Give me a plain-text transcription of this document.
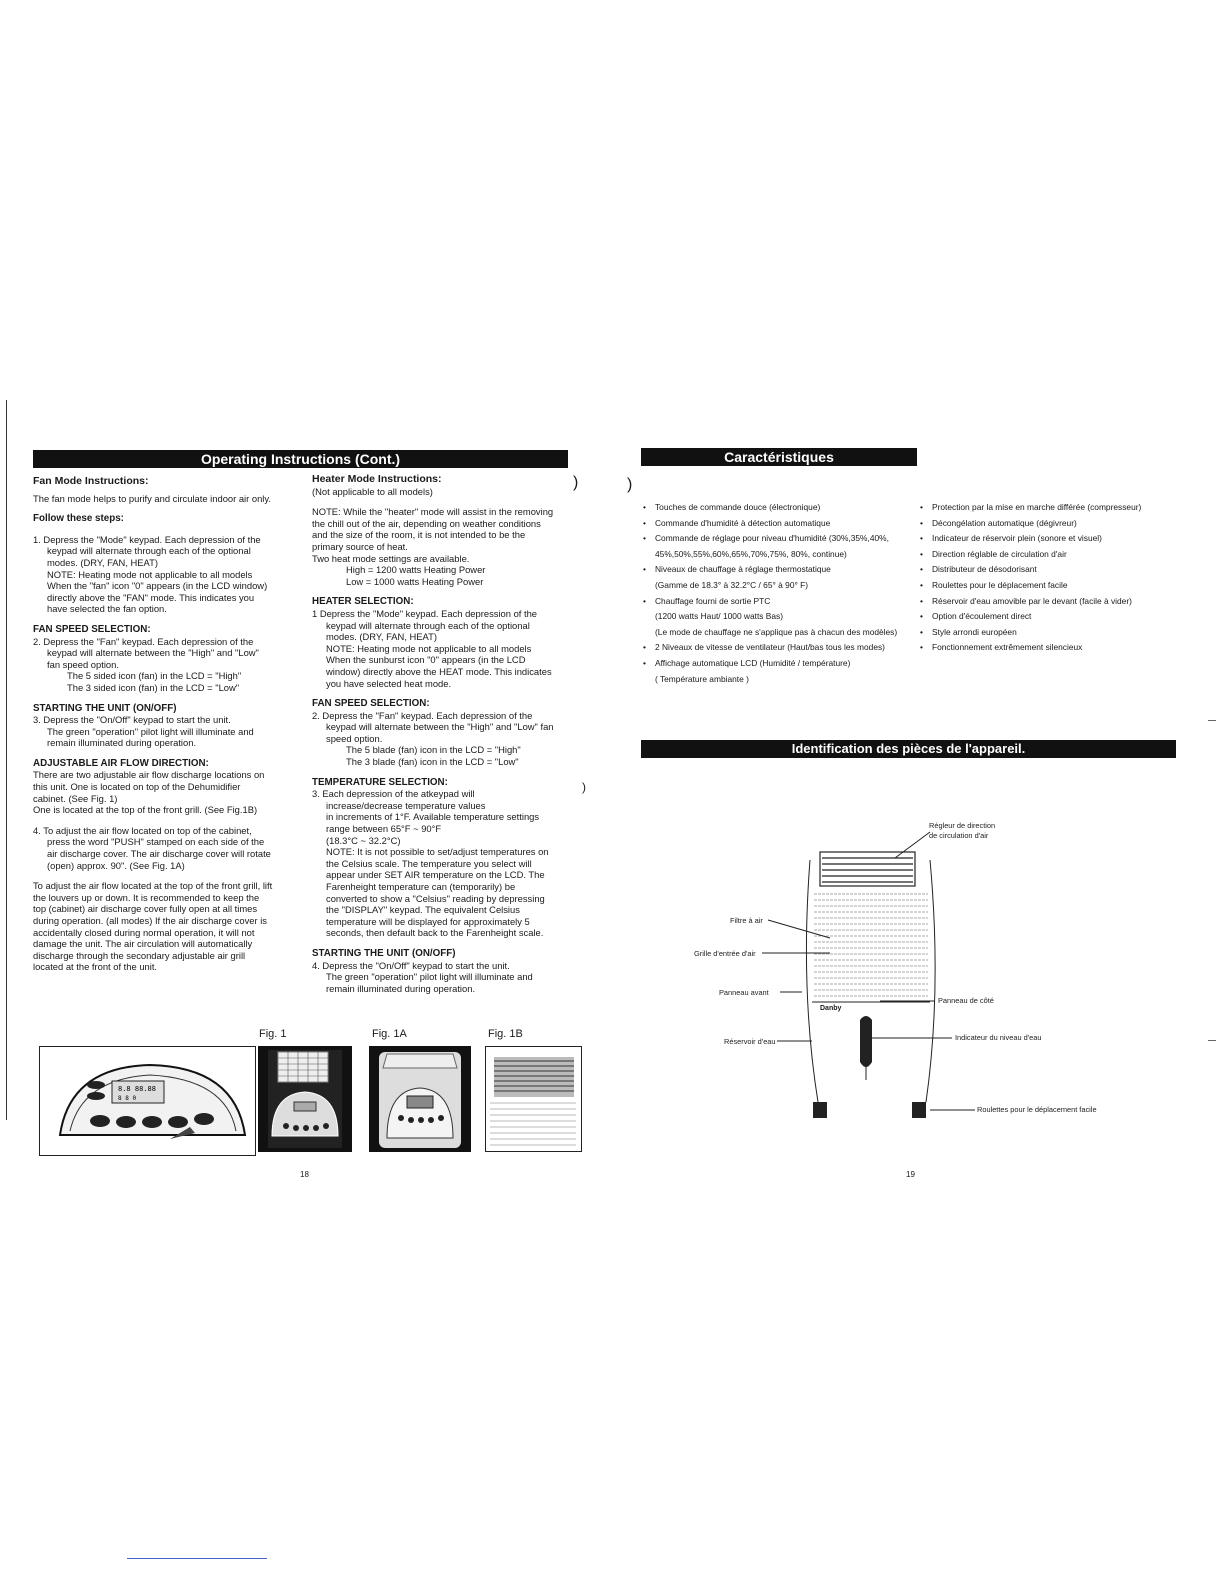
Operating Instructions (Cont.)

Fan Mode Instructions:

The fan mode helps to purify and circulate indoor air only.

Follow these steps:

1. Depress the "Mode" keypad. Each depression of the

keypad will alternate through each of the optional

modes. (DRY, FAN, HEAT)

NOTE: Heating mode not applicable to all models

When the "fan" icon "0" appears (in the LCD window)

directly above the "FAN" mode. This indicates you

have selected the fan option.

FAN SPEED SELECTION:

2. Depress the "Fan" keypad. Each depression of the

keypad will alternate between the "High" and "Low"

fan speed option.

The 5 sided icon (fan) in the LCD = "High"

The 3 sided icon (fan) in the LCD = "Low"

STARTING THE UNIT (ON/OFF)

3. Depress the "On/Off" keypad to start the unit.

The green "operation" pilot light will illuminate and

remain illuminated during operation.

ADJUSTABLE AIR FLOW DIRECTION:

There are two adjustable air flow discharge locations on

this unit. One is located on top of the Dehumidifier

cabinet. (See Fig. 1)

One is located at the top of the front grill. (See Fig.1B)

4. To adjust the air flow located on top of the cabinet,

press the word "PUSH" stamped on each side of the

air discharge cover. The air discharge cover will rotate

(open) approx. 90". (See Fig. 1A)

To adjust the air flow located at the top of the front grill, lift

the louvers up or down. It is recommended to keep the

top (cabinet) air discharge cover fully open at all times

during operation. (all modes) If the air discharge cover is

accidentally closed during normal operation, it will not

damage the unit. The air circulation will automatically

discharge through the secondary adjustable air grill

located at the front of the unit.

Heater Mode Instructions:

(Not applicable to all models)

NOTE: While the "heater" mode will assist in the removing

the chill out of the air, depending on weather conditions

and the size of the room, it is not intended to be the

primary source of heat.

Two heat mode settings are available.

High = 1200 watts Heating Power

Low = 1000 watts Heating Power

HEATER SELECTION:

1 Depress the "Mode" keypad. Each depression of the

keypad will alternate through each of the optional

modes. (DRY, FAN, HEAT)

NOTE: Heating mode not applicable to all models

When the sunburst icon "0" appears (in the LCD

window) directly above the HEAT mode. This indicates

you have selected heat mode.

FAN SPEED SELECTION:

2. Depress the "Fan" keypad. Each depression of the

keypad will alternate between the "High" and "Low" fan

speed option.

The 5 blade (fan) icon in the LCD = "High"

The 3 blade (fan) icon in the LCD = "Low"

TEMPERATURE SELECTION:

3. Each depression of the atkeypad will

increase/decrease temperature values

in increments of 1°F. Available temperature settings

range between 65°F ~ 90°F

(18.3°C ~ 32.2°C)

NOTE: It is not possible to set/adjust temperatures on

the Celsius scale. The temperature you select will

appear under SET AIR temperature on the LCD. The

Farenheight temperature can (temporarily) be

converted to show a "Celsius" reading by depressing

the "DISPLAY" keypad. The equivalent Celsius

temperature will be displayed for approximately 5

seconds, then default back to the Farenheight scale.

STARTING THE UNIT (ON/OFF)

4. Depress the "On/Off" keypad to start the unit.

The green "operation" pilot light will illuminate and

remain illuminated during operation.

)
)
Fig. 1	Fig. 1A	Fig. 1B
8.8 88.88
8 8 0
18
Caractéristiques
)
• Touches de commande douce (électronique)
• Commande d'humidité à détection automatique
• Commande de réglage pour niveau d'humidité (30%,35%,40%,
45%,50%,55%,60%,65%,70%,75%, 80%, continue)
• Niveaux de chauffage à réglage thermostatique
(Gamme de 18.3° à 32.2°C / 65° à 90° F)
• Chauffage fourni de sortie PTC
(1200 watts Haut/ 1000 watts Bas)
(Le mode de chauffage ne s'applique pas à chacun des modèles)
• 2 Niveaux de vitesse de ventilateur (Haut/bas tous les modes)
• Affichage automatique LCD (Humidité / température)
( Température ambiante )
• Protection par la mise en marche différée (compresseur)
• Décongélation automatique (dégivreur)
• Indicateur de réservoir plein (sonore et visuel)
• Direction réglable de circulation d'air
• Distributeur de désodorisant
• Roulettes pour le déplacement facile
• Réservoir d'eau amovible par le devant (facile à vider)
• Option d'écoulement direct
• Style arrondi européen
• Fonctionnement extrêmement silencieux
Identification des pièces de l'appareil.
Danby
Régleur de direction
de circulation d'air
Filtre à air
Grille d'entrée d'air
Panneau avant
Panneau de côté
Réservoir d'eau	Indicateur du niveau d'eau
Roulettes pour le déplacement facile
19
